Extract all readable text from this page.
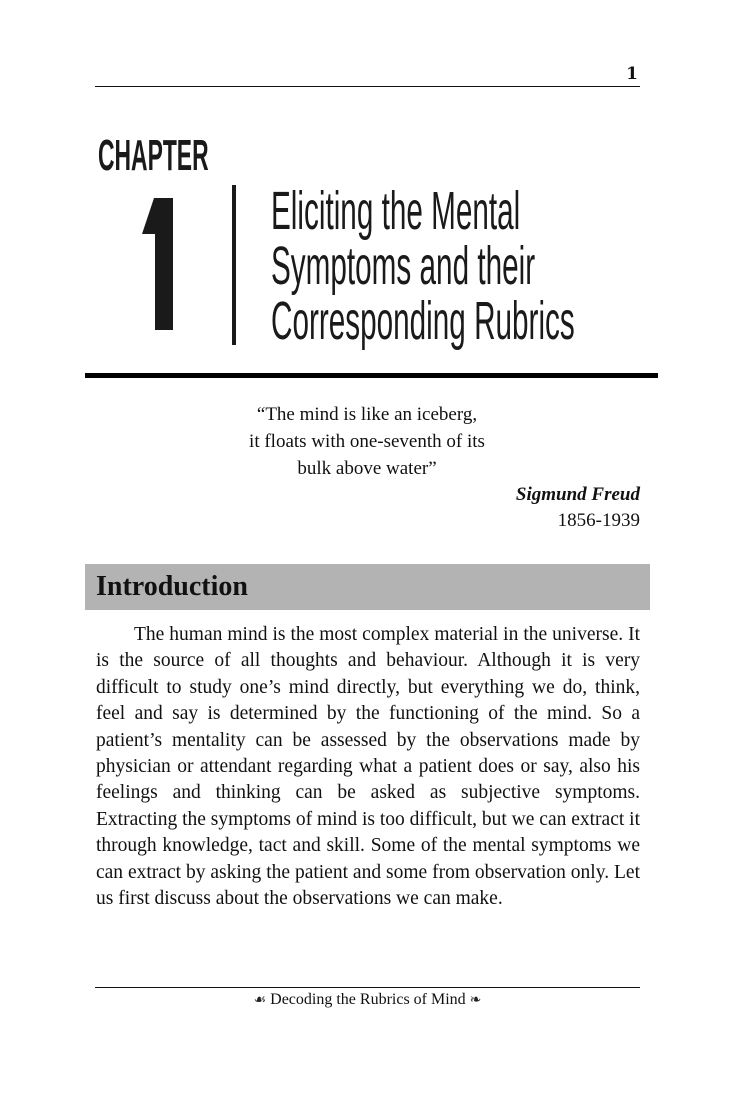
1
CHAPTER
Eliciting the Mental
Symptoms and their
Corresponding Rubrics
“The mind is like an iceberg,
it floats with one-seventh of its
bulk above water”
Sigmund Freud
1856-1939
Introduction
The human mind is the most complex material in the universe. It is the source of all thoughts and behaviour. Although it is very difficult to study one’s mind directly, but everything we do, think, feel and say is determined by the functioning of the mind. So a patient’s mentality can be assessed by the observations made by physician or attendant regarding what a patient does or say, also his feelings and thinking can be asked as subjective symptoms. Extracting the symptoms of mind is too difficult, but we can extract it through knowledge, tact and skill. Some of the mental symptoms we can extract by asking the patient and some from observation only. Let us first discuss about the observations we can make.
☙ Decoding the Rubrics of Mind ❧
